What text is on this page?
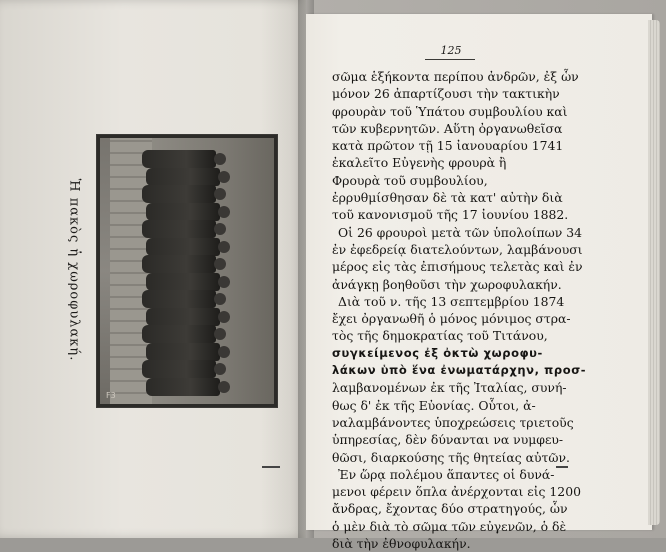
Ϝ3
Ἡ πακὸς ἡ χωροφυλακή.
125
σῶμα ἑξήκοντα περίπου ἀνδρῶν, ἐξ ὧν
μόνον 26 ἀπαρτίζουσι τὴν τακτικὴν
φρουρὰν τοῦ Ὑπάτου συμβουλίου καὶ
τῶν κυβερνητῶν. Αὕτη ὀργανωθεῖσα
κατὰ πρῶτον τῇ 15 ἰανουαρίου 1741
ἐκαλεῖτο Εὐγενὴς φρουρὰ ἢ
Φρουρὰ τοῦ συμβουλίου,
ἐρρυθμίσθησαν δὲ τὰ κατ' αὐτὴν διὰ
τοῦ κανονισμοῦ τῆς 17 ἰουνίου 1882.
Οἱ 26 φρουροὶ μετὰ τῶν ὑπολοίπων 34
ἐν ἐφεδρείᾳ διατελούντων, λαμβάνουσι
μέρος εἰς τὰς ἐπισήμους τελετὰς καὶ ἐν
ἀνάγκῃ βοηθοῦσι τὴν χωροφυλακήν.
Διὰ τοῦ ν. τῆς 13 σεπτεμβρίου 1874
ἔχει ὀργανωθῆ ὁ μόνος μόνιμος στρα-
τὸς τῆς δημοκρατίας τοῦ Τιτάνου,
συγκείμενος ἐξ ὀκτὼ χωροφυ-
λάκων ὑπὸ ἕνα ἐνωματάρχην, προσ-
λαμβανομένων ἐκ τῆς Ἰταλίας, συνή-
θως δ' ἐκ τῆς Εὐονίας. Οὗτοι, ἀ-
ναλαμβάνοντες ὑποχρεώσεις τριετοῦς
ὑπηρεσίας, δὲν δύνανται να νυμφευ-
θῶσι, διαρκούσης τῆς θητείας αὐτῶν.
Ἐν ὥρᾳ πολέμου ἅπαντες οἱ δυνά-
μενοι φέρειν ὅπλα ἀνέρχονται εἰς 1200
ἄνδρας, ἔχοντας δύο στρατηγούς, ὧν
ὁ μὲν διὰ τὸ σῶμα τῶν εὐγενῶν, ὁ δὲ
διὰ τὴν ἐθνοφυλακήν.
